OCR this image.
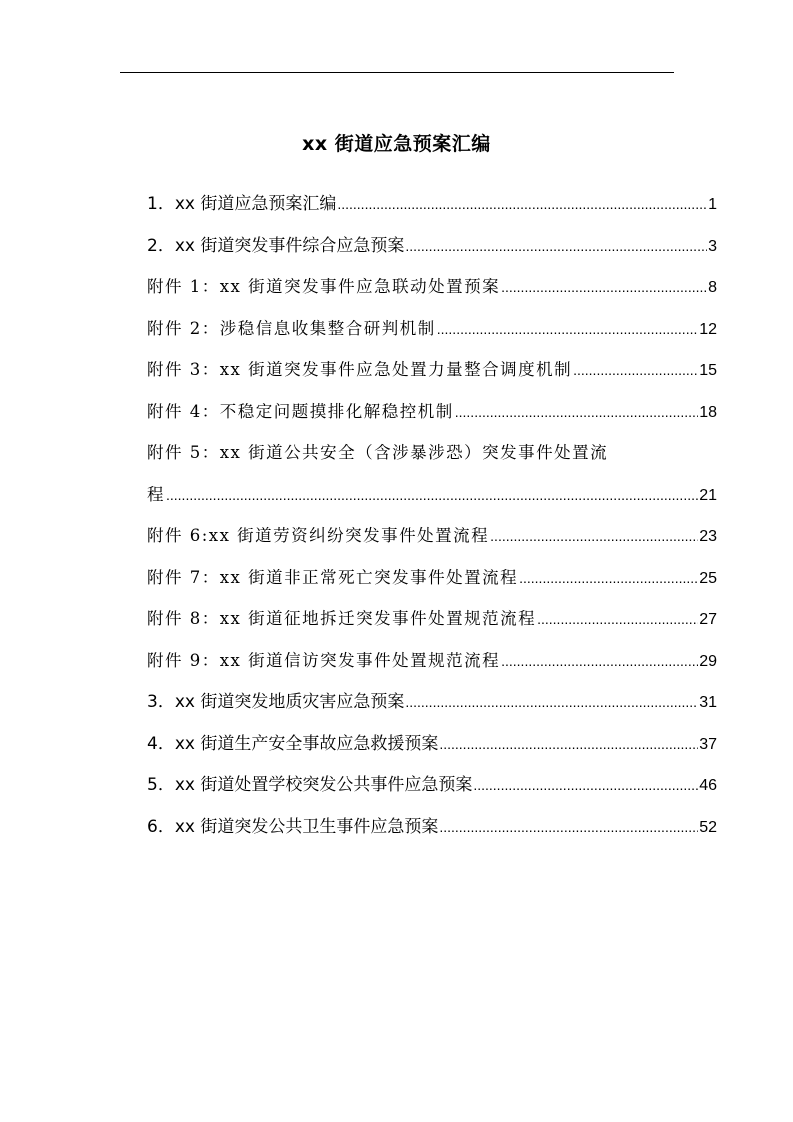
xx 街道应急预案汇编
1．xx 街道应急预案汇编 .....	1
2．xx 街道突发事件综合应急预案 .....	3
附件 1：xx 街道突发事件应急联动处置预案 .....	8
附件 2：涉稳信息收集整合研判机制 .....	12
附件 3：xx 街道突发事件应急处置力量整合调度机制 .....	15
附件 4：不稳定问题摸排化解稳控机制 .....	18
附件 5：xx 街道公共安全（含涉暴涉恐）突发事件处置流
程 .....	21
附件 6:xx 街道劳资纠纷突发事件处置流程 .....	23
附件 7：xx 街道非正常死亡突发事件处置流程 .....	25
附件 8：xx 街道征地拆迁突发事件处置规范流程 .....	27
附件 9：xx 街道信访突发事件处置规范流程 .....	29
3．xx 街道突发地质灾害应急预案 .....	31
4．xx 街道生产安全事故应急救援预案 .....	37
5．xx 街道处置学校突发公共事件应急预案 .....	46
6．xx 街道突发公共卫生事件应急预案 .....	52
